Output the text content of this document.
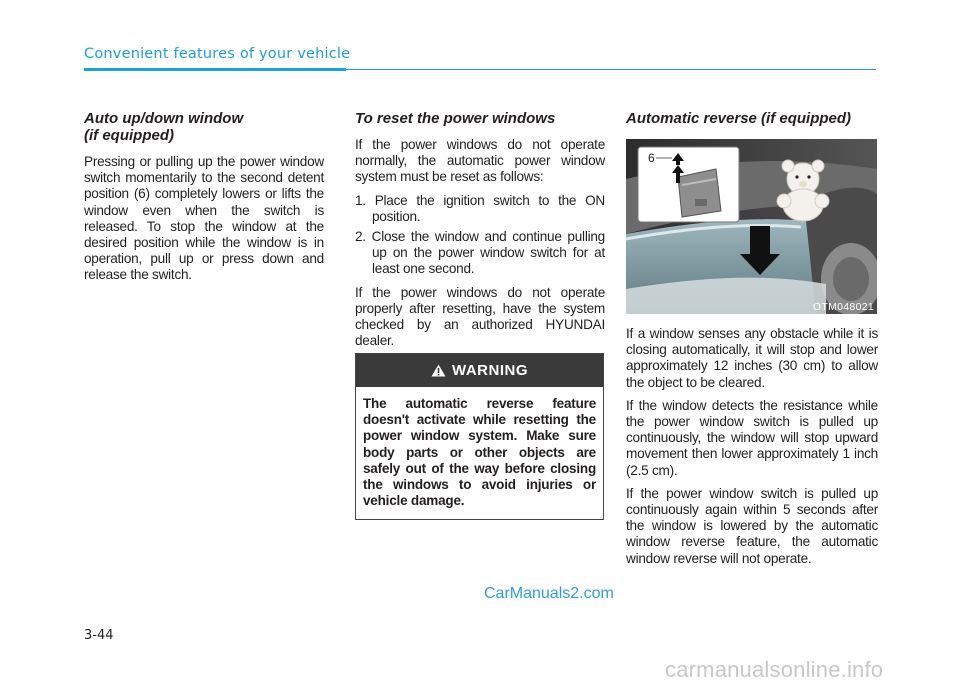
Convenient features of your vehicle
Auto up/down window
(if equipped)

Pressing or pulling up the power window switch momentarily to the second detent position (6) completely lowers or lifts the window even when the switch is released. To stop the window at the desired position while the window is in operation, pull up or press down and release the switch.

To reset the power windows

If the power windows do not operate normally, the automatic power window system must be reset as follows:

1. Place the ignition switch to the ON position.
2. Close the window and continue pulling up on the power window switch for at least one second.

If the power windows do not operate properly after resetting, have the system checked by an authorized HYUNDAI dealer.

WARNING
The automatic reverse feature doesn't activate while resetting the power window system. Make sure body parts or other objects are safely out of the way before closing the windows to avoid injuries or vehicle damage.
Automatic reverse (if equipped)
6
OTM048021

If a window senses any obstacle while it is closing automatically, it will stop and lower approximately 12 inches (30 cm) to allow the object to be cleared.

If the window detects the resistance while the power window switch is pulled up continuously, the window will stop upward movement then lower approximately 1 inch (2.5 cm).

If the power window switch is pulled up continuously again within 5 seconds after the window is lowered by the automatic window reverse feature, the automatic window reverse will not operate.

CarManuals2.com
3-44
carmanualsonline.info
